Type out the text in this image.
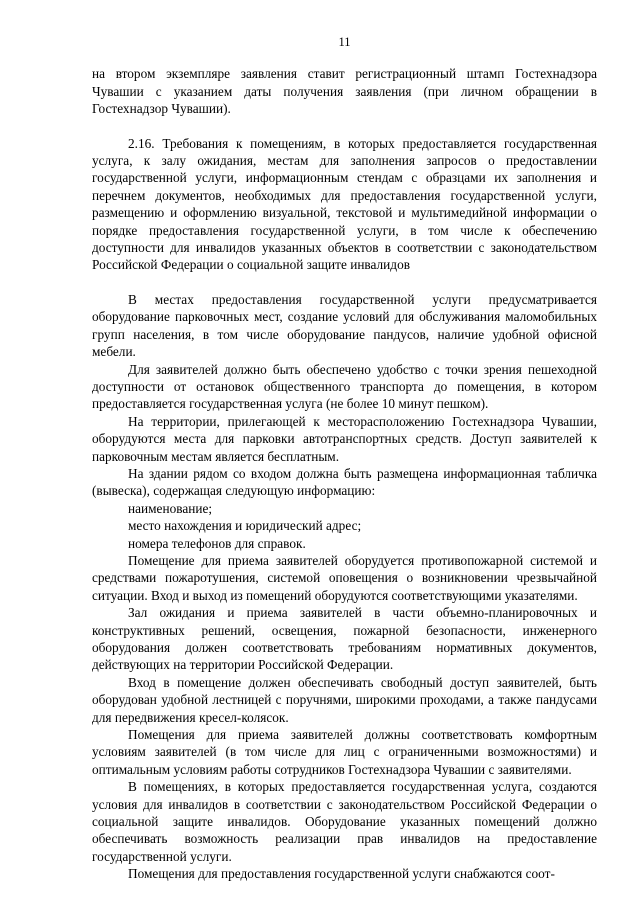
11

на втором экземпляре заявления ставит регистрационный штамп Гостехнадзора Чувашии с указанием даты получения заявления (при личном обращении в Гостехнадзор Чувашии).

2.16. Требования к помещениям, в которых предоставляется государственная услуга, к залу ожидания, местам для заполнения запросов о предоставлении государственной услуги, информационным стендам с образцами их заполнения и перечнем документов, необходимых для предоставления государственной услуги, размещению и оформлению визуальной, текстовой и мультимедийной информации о порядке предоставления государственной услуги, в том числе к обеспечению доступности для инвалидов указанных объектов в соответствии с законодательством Российской Федерации о социальной защите инвалидов

В местах предоставления государственной услуги предусматривается оборудование парковочных мест, создание условий для обслуживания маломобильных групп населения, в том числе оборудование пандусов, наличие удобной офисной мебели.

Для заявителей должно быть обеспечено удобство с точки зрения пешеходной доступности от остановок общественного транспорта до помещения, в котором предоставляется государственная услуга (не более 10 минут пешком).

На территории, прилегающей к месторасположению Гостехнадзора Чувашии, оборудуются места для парковки автотранспортных средств. Доступ заявителей к парковочным местам является бесплатным.

На здании рядом со входом должна быть размещена информационная табличка (вывеска), содержащая следующую информацию:

наименование;

место нахождения и юридический адрес;

номера телефонов для справок.

Помещение для приема заявителей оборудуется противопожарной системой и средствами пожаротушения, системой оповещения о возникновении чрезвычайной ситуации. Вход и выход из помещений оборудуются соответствующими указателями.

Зал ожидания и приема заявителей в части объемно-планировочных и конструктивных решений, освещения, пожарной безопасности, инженерного оборудования должен соответствовать требованиям нормативных документов, действующих на территории Российской Федерации.

Вход в помещение должен обеспечивать свободный доступ заявителей, быть оборудован удобной лестницей с поручнями, широкими проходами, а также пандусами для передвижения кресел-колясок.

Помещения для приема заявителей должны соответствовать комфортным условиям заявителей (в том числе для лиц с ограниченными возможностями) и оптимальным условиям работы сотрудников Гостехнадзора Чувашии с заявителями.

В помещениях, в которых предоставляется государственная услуга, создаются условия для инвалидов в соответствии с законодательством Российской Федерации о социальной защите инвалидов. Оборудование указанных помещений должно обеспечивать возможность реализации прав инвалидов на предоставление государственной услуги.

Помещения для предоставления государственной услуги снабжаются соот-
